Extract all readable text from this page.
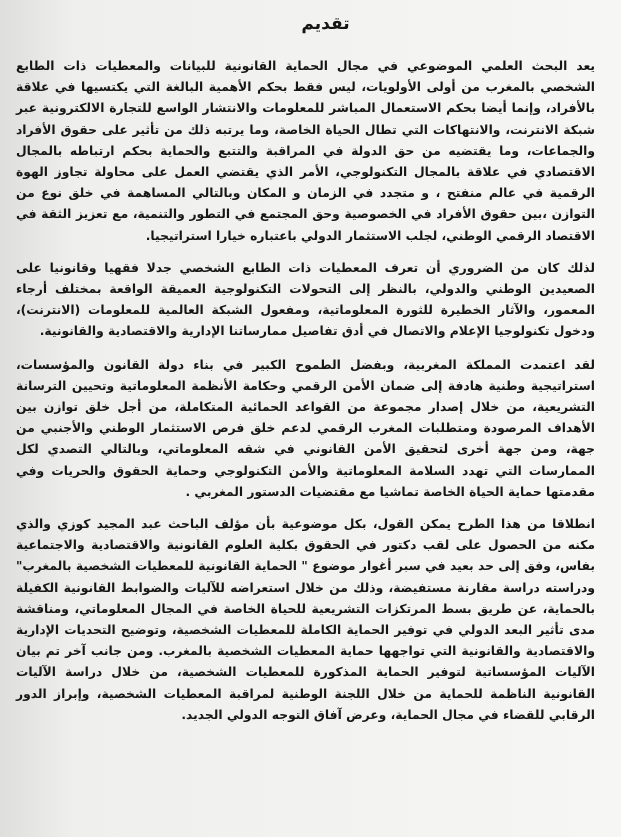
تقديم

يعد البحث العلمي الموضوعي في مجال الحماية القانونية للبيانات والمعطيات ذات الطابع الشخصي بالمغرب من أولى الأولويات، ليس فقط بحكم الأهمية البالغة التي يكتسيها في علاقة بالأفراد، وإنما أيضا بحكم الاستعمال المباشر للمعلومات والانتشار الواسع للتجارة الالكترونية عبر شبكة الانترنت، والانتهاكات التي تطال الحياة الخاصة، وما يرتبه ذلك من تأثير على حقوق الأفراد والجماعات، وما يقتضيه من حق الدولة في المراقبة والتتبع والحماية بحكم ارتباطه بالمجال الاقتصادي في علاقة بالمجال التكنولوجي، الأمر الذي يقتضي العمل على محاولة تجاوز الهوة الرقمية في عالم منفتح ، و متجدد في الزمان و المكان وبالتالي المساهمة في خلق نوع من التوازن ،بين حقوق الأفراد في الخصوصية وحق المجتمع في التطور والتنمية، مع تعزيز الثقة في الاقتصاد الرقمي الوطني، لجلب الاستثمار الدولي باعتباره خيارا استراتيجيا.

لذلك كان من الضروري أن تعرف المعطيات ذات الطابع الشخصي جدلا فقهيا وقانونيا على الصعيدين الوطني والدولي، بالنظر إلى التحولات التكنولوجية العميقة الواقعة بمختلف أرجاء المعمور، والآثار الخطيرة للثورة المعلوماتية، ومفعول الشبكة العالمية للمعلومات (الانترنت)، ودخول تكنولوجيا الإعلام والاتصال في أدق تفاصيل ممارساتنا الإدارية والاقتصادية والقانونية.

لقد اعتمدت المملكة المغربية، وبفضل الطموح الكبير في بناء دولة القانون والمؤسسات، استراتيجية وطنية هادفة إلى ضمان الأمن الرقمي وحكامة الأنظمة المعلوماتية وتحيين الترسانة التشريعية، من خلال إصدار مجموعة من القواعد الحمائية المتكاملة، من أجل خلق توازن بين الأهداف المرصودة ومتطلبات المغرب الرقمي لدعم خلق فرص الاستثمار الوطني والأجنبي من جهة، ومن جهة أخرى لتحقيق الأمن القانوني في شقه المعلوماتي، وبالتالي التصدي لكل الممارسات التي تهدد السلامة المعلوماتية والأمن التكنولوجي وحماية الحقوق والحريات وفي مقدمتها حماية الحياة الخاصة تماشيا مع مقتضيات الدستور المغربي .

انطلاقا من هذا الطرح يمكن القول، بكل موضوعية بأن مؤلف الباحث عبد المجيد كوزي والذي مكنه من الحصول على لقب دكتور في الحقوق بكلية العلوم القانونية والاقتصادية والاجتماعية بفاس، وفق إلى حد بعيد في سبر أغوار موضوع " الحماية القانونية للمعطيات الشخصية بالمغرب" ودراسته دراسة مقارنة مستفيضة، وذلك من خلال استعراضه للآليات والضوابط القانونية الكفيلة بالحماية، عن طريق بسط المرتكزات التشريعية للحياة الخاصة في المجال المعلوماتي، ومناقشة مدى تأثير البعد الدولي في توفير الحماية الكاملة للمعطيات الشخصية، وتوضيح التحديات الإدارية والاقتصادية والقانونية التي تواجهها حماية المعطيات الشخصية بالمغرب. ومن جانب آخر تم بيان الآليات المؤسساتية لتوفير الحماية المذكورة للمعطيات الشخصية، من خلال دراسة الآليات القانونية الناظمة للحماية من خلال اللجنة الوطنية لمراقبة المعطيات الشخصية، وإبراز الدور الرقابي للقضاء في مجال الحماية، وعرض آفاق التوجه الدولي الجديد.
